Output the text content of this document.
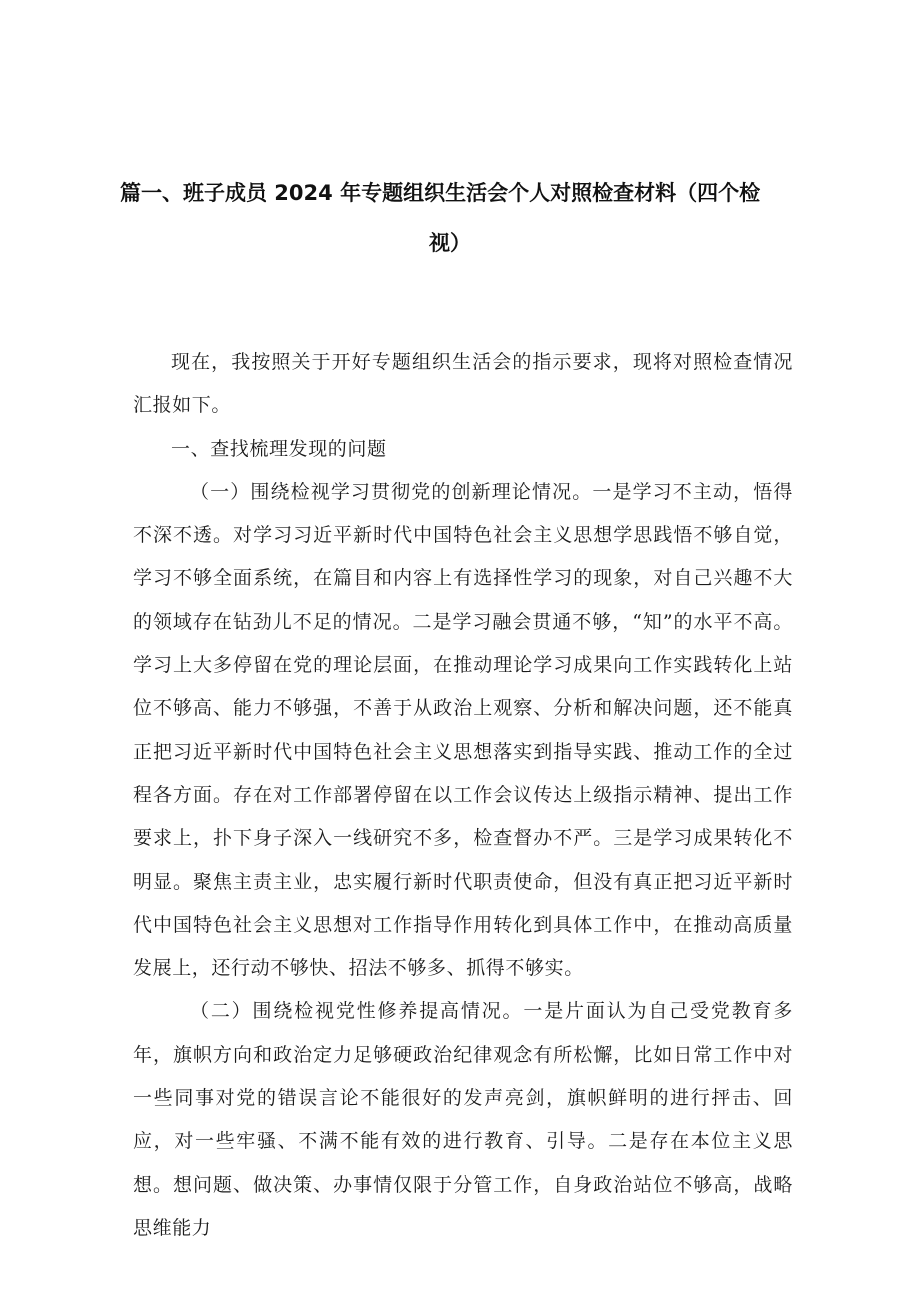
篇一、班子成员 2024 年专题组织生活会个人对照检查材料（四个检
视）

现在，我按照关于开好专题组织生活会的指示要求，现将对照检查情况汇报如下。

一、查找梳理发现的问题

（一）围绕检视学习贯彻党的创新理论情况。一是学习不主动，悟得不深不透。对学习习近平新时代中国特色社会主义思想学思践悟不够自觉，学习不够全面系统，在篇目和内容上有选择性学习的现象，对自己兴趣不大的领域存在钻劲儿不足的情况。二是学习融会贯通不够，“知”的水平不高。学习上大多停留在党的理论层面，在推动理论学习成果向工作实践转化上站位不够高、能力不够强，不善于从政治上观察、分析和解决问题，还不能真正把习近平新时代中国特色社会主义思想落实到指导实践、推动工作的全过程各方面。存在对工作部署停留在以工作会议传达上级指示精神、提出工作要求上，扑下身子深入一线研究不多，检查督办不严。三是学习成果转化不明显。聚焦主责主业，忠实履行新时代职责使命，但没有真正把习近平新时代中国特色社会主义思想对工作指导作用转化到具体工作中，在推动高质量发展上，还行动不够快、招法不够多、抓得不够实。

（二）围绕检视党性修养提高情况。一是片面认为自己受党教育多年，旗帜方向和政治定力足够硬政治纪律观念有所松懈，比如日常工作中对一些同事对党的错误言论不能很好的发声亮剑，旗帜鲜明的进行抨击、回应，对一些牢骚、不满不能有效的进行教育、引导。二是存在本位主义思想。想问题、做决策、办事情仅限于分管工作，自身政治站位不够高，战略思维能力
